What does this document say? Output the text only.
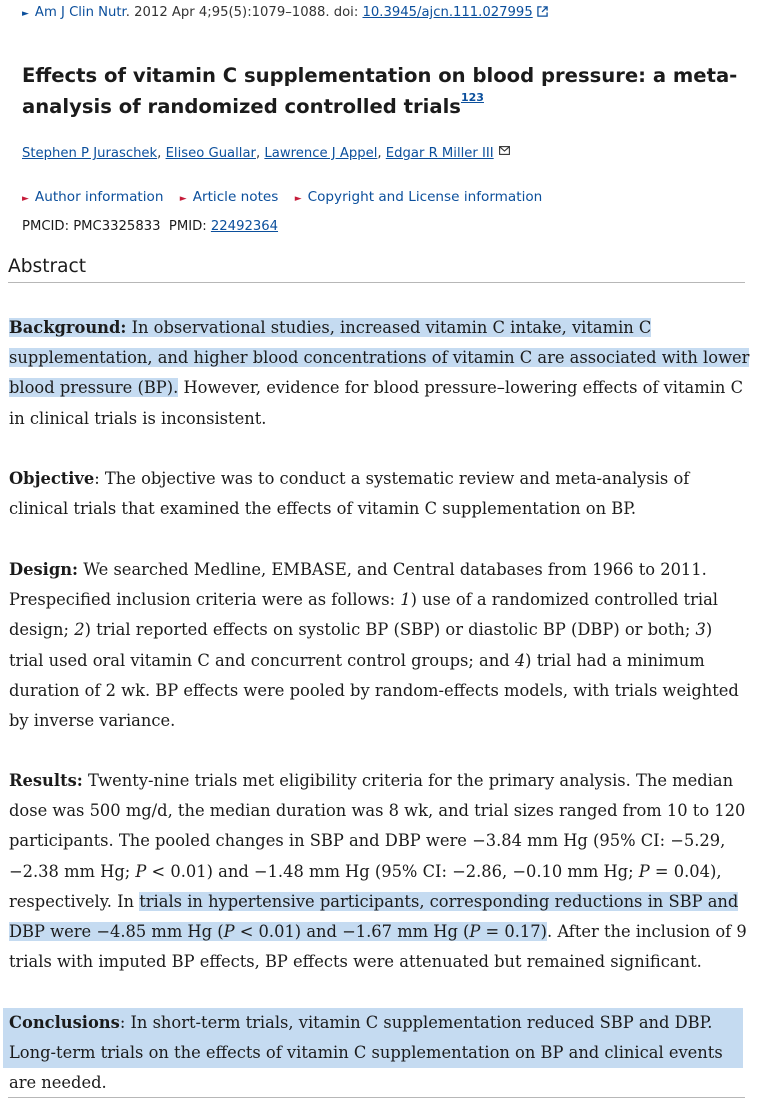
► Am J Clin Nutr. 2012 Apr 4;95(5):1079–1088. doi: 10.3945/ajcn.111.027995
Effects of vitamin C supplementation on blood pressure: a meta-analysis of randomized controlled trials$^{123}$
Stephen P Juraschek, Eliseo Guallar, Lawrence J Appel, Edgar R Miller III
► Author information ► Article notes ► Copyright and License information
PMCID: PMC3325833 PMID: 22492364
Abstract

Background: In observational studies, increased vitamin C intake, vitamin C supplementation, and higher blood concentrations of vitamin C are associated with lower blood pressure (BP). However, evidence for blood pressure–lowering effects of vitamin C in clinical trials is inconsistent.

Objective: The objective was to conduct a systematic review and meta-analysis of clinical trials that examined the effects of vitamin C supplementation on BP.

Design: We searched Medline, EMBASE, and Central databases from 1966 to 2011. Prespecified inclusion criteria were as follows: 1) use of a randomized controlled trial design; 2) trial reported effects on systolic BP (SBP) or diastolic BP (DBP) or both; 3) trial used oral vitamin C and concurrent control groups; and 4) trial had a minimum duration of 2 wk. BP effects were pooled by random-effects models, with trials weighted by inverse variance.

Results: Twenty-nine trials met eligibility criteria for the primary analysis. The median dose was 500 mg/d, the median duration was 8 wk, and trial sizes ranged from 10 to 120 participants. The pooled changes in SBP and DBP were −3.84 mm Hg (95% CI: −5.29, −2.38 mm Hg; P < 0.01) and −1.48 mm Hg (95% CI: −2.86, −0.10 mm Hg; P = 0.04), respectively. In trials in hypertensive participants, corresponding reductions in SBP and DBP were −4.85 mm Hg (P < 0.01) and −1.67 mm Hg (P = 0.17). After the inclusion of 9 trials with imputed BP effects, BP effects were attenuated but remained significant.

Conclusions: In short-term trials, vitamin C supplementation reduced SBP and DBP. Long-term trials on the effects of vitamin C supplementation on BP and clinical events are needed.
